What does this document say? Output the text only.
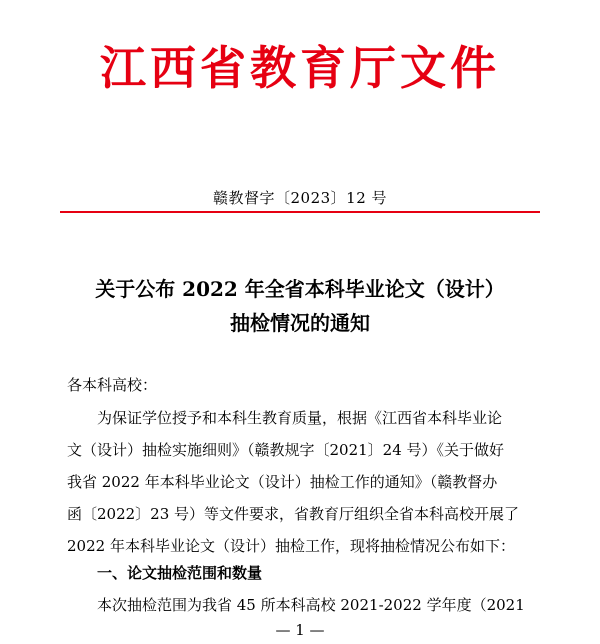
江西省教育厅文件
赣教督字〔2023〕12 号
关于公布 2022 年全省本科毕业论文（设计）
抽检情况的通知
各本科高校：
为保证学位授予和本科生教育质量，根据《江西省本科毕业论
文（设计）抽检实施细则》（赣教规字〔2021〕24 号）《关于做好
我省 2022 年本科毕业论文（设计）抽检工作的通知》（赣教督办
函〔2022〕23 号）等文件要求，省教育厅组织全省本科高校开展了
2022 年本科毕业论文（设计）抽检工作，现将抽检情况公布如下：
一、论文抽检范围和数量
本次抽检范围为我省 45 所本科高校 2021-2022 学年度（2021
— 1 —
